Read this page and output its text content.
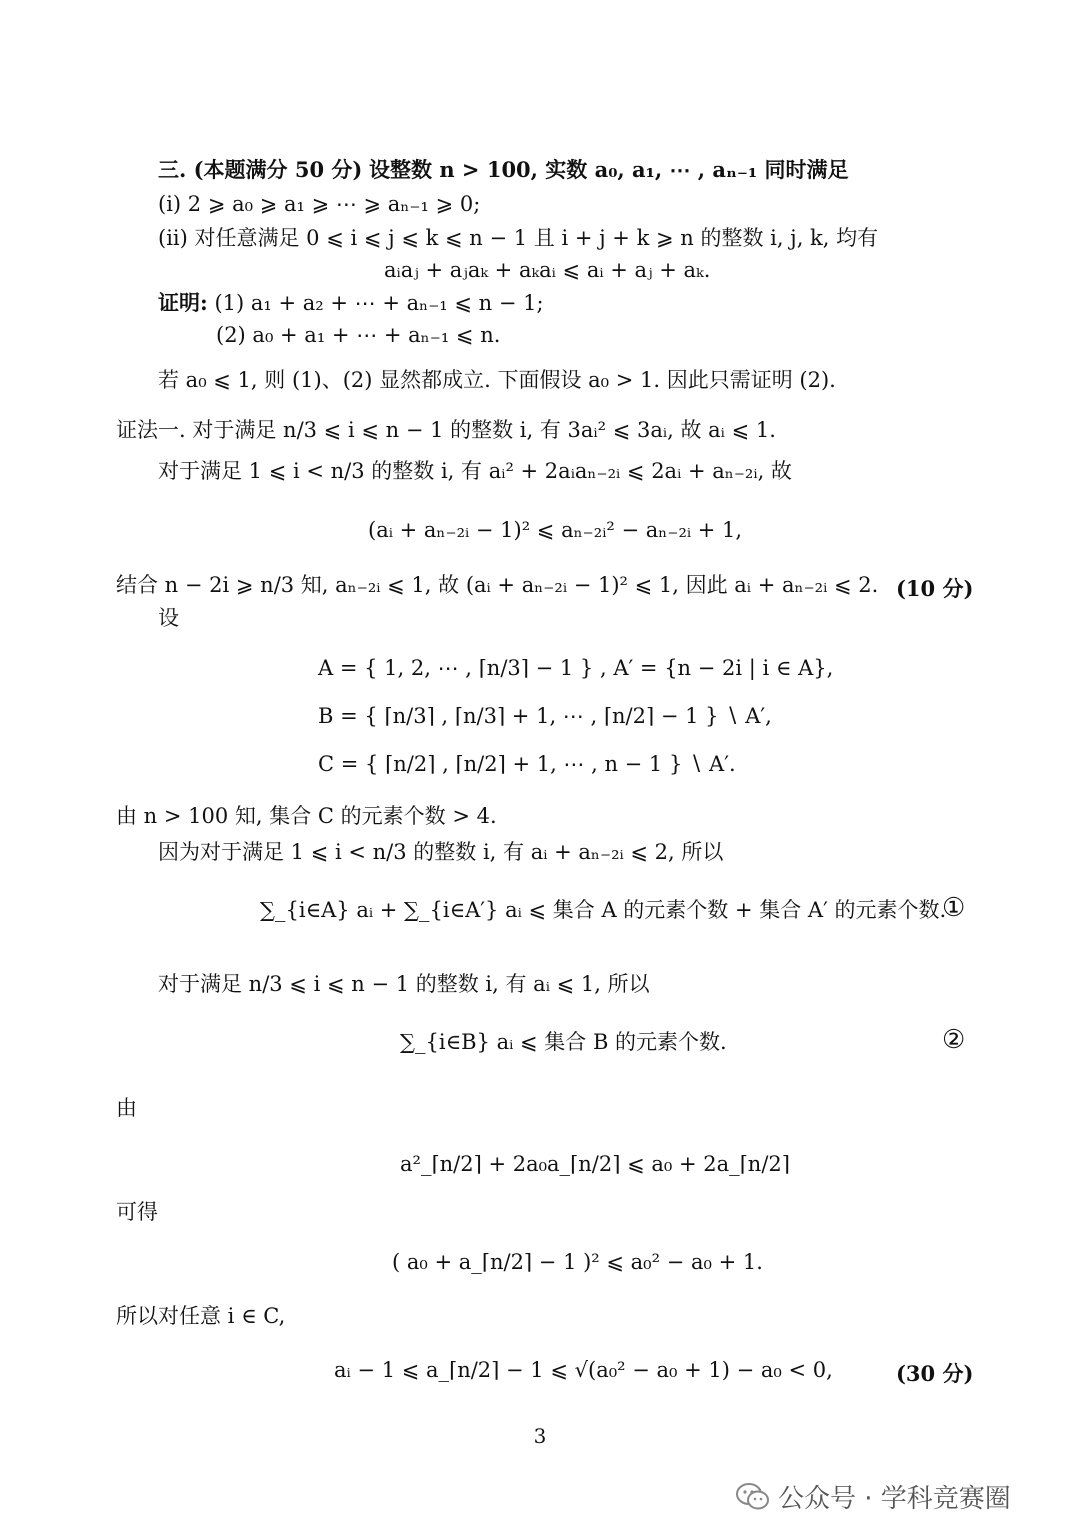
三. (本题满分 50 分) 设整数 n > 100, 实数 a₀, a₁, ⋯ , aₙ₋₁ 同时满足
(i) 2 ⩾ a₀ ⩾ a₁ ⩾ ⋯ ⩾ aₙ₋₁ ⩾ 0;
(ii) 对任意满足 0 ⩽ i ⩽ j ⩽ k ⩽ n − 1 且 i + j + k ⩾ n 的整数 i, j, k, 均有
aᵢaⱼ + aⱼaₖ + aₖaᵢ ⩽ aᵢ + aⱼ + aₖ.
证明: (1) a₁ + a₂ + ⋯ + aₙ₋₁ ⩽ n − 1;
(2) a₀ + a₁ + ⋯ + aₙ₋₁ ⩽ n.
若 a₀ ⩽ 1, 则 (1)、(2) 显然都成立. 下面假设 a₀ > 1. 因此只需证明 (2).
证法一. 对于满足 n/3 ⩽ i ⩽ n − 1 的整数 i, 有 3aᵢ² ⩽ 3aᵢ, 故 aᵢ ⩽ 1.
对于满足 1 ⩽ i < n/3 的整数 i, 有 aᵢ² + 2aᵢaₙ₋₂ᵢ ⩽ 2aᵢ + aₙ₋₂ᵢ, 故
(aᵢ + aₙ₋₂ᵢ − 1)² ⩽ aₙ₋₂ᵢ² − aₙ₋₂ᵢ + 1,
结合 n − 2i ⩾ n/3 知, aₙ₋₂ᵢ ⩽ 1, 故 (aᵢ + aₙ₋₂ᵢ − 1)² ⩽ 1, 因此 aᵢ + aₙ₋₂ᵢ ⩽ 2. (10 分)
设
A = { 1, 2, ⋯ , ⌈n/3⌉ − 1 } , A′ = {n − 2i | i ∈ A},
B = { ⌈n/3⌉ , ⌈n/3⌉ + 1, ⋯ , ⌈n/2⌉ − 1 } ∖ A′,
C = { ⌈n/2⌉ , ⌈n/2⌉ + 1, ⋯ , n − 1 } ∖ A′.
由 n > 100 知, 集合 C 的元素个数 > 4.
因为对于满足 1 ⩽ i < n/3 的整数 i, 有 aᵢ + aₙ₋₂ᵢ ⩽ 2, 所以
∑_{i∈A} aᵢ + ∑_{i∈A′} aᵢ ⩽ 集合 A 的元素个数 + 集合 A′ 的元素个数.
①
对于满足 n/3 ⩽ i ⩽ n − 1 的整数 i, 有 aᵢ ⩽ 1, 所以
∑_{i∈B} aᵢ ⩽ 集合 B 的元素个数.	②
由
a²_⌈n/2⌉ + 2a₀a_⌈n/2⌉ ⩽ a₀ + 2a_⌈n/2⌉
可得
( a₀ + a_⌈n/2⌉ − 1 )² ⩽ a₀² − a₀ + 1.
所以对任意 i ∈ C,
aᵢ − 1 ⩽ a_⌈n/2⌉ − 1 ⩽ √(a₀² − a₀ + 1) − a₀ < 0,	(30 分)
3
公众号 · 学科竞赛圈
